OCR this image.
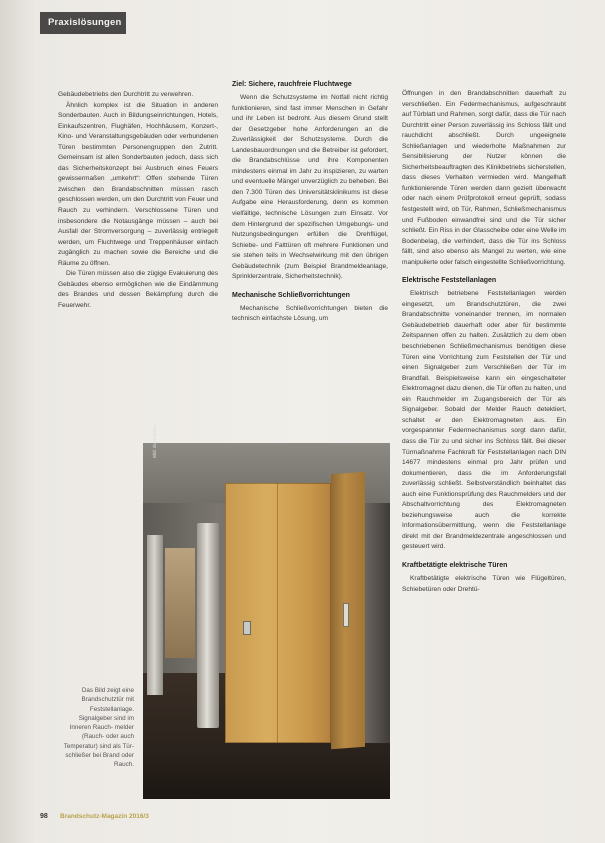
Praxislösungen

Gebäudebetriebs den Durchtritt zu verwehren.

Ähnlich komplex ist die Situation in anderen Sonderbauten. Auch in Bildungseinrichtungen, Hotels, Einkaufszentren, Flughäfen, Hochhäusern, Konzert-, Kino- und Veranstaltungsgebäuden oder verbundenen Türen bestimmten Personengruppen den Zutritt. Gemeinsam ist allen Sonderbauten jedoch, dass sich das Sicherheitskonzept bei Ausbruch eines Feuers gewissermaßen „umkehrt“: Offen stehende Türen zwischen den Brandabschnitten müssen rasch geschlossen werden, um den Durchtritt von Feuer und Rauch zu verhindern. Verschlossene Türen und insbesondere die Notausgänge müssen – auch bei Ausfall der Stromversorgung – zuverlässig entriegelt werden, um Fluchtwege und Treppenhäuser einfach zugänglich zu machen sowie die Bereiche und die Räume zu öffnen.

Die Türen müssen also die zügige Evakuierung des Gebäudes ebenso ermöglichen wie die Eindämmung des Brandes und dessen Bekämpfung durch die Feuerwehr.

Ziel: Sichere, rauchfreie Fluchtwege

Wenn die Schutzsysteme im Notfall nicht richtig funktionieren, sind fast immer Menschen in Gefahr und ihr Leben ist bedroht. Aus diesem Grund stellt der Gesetzgeber hohe Anforderungen an die Zuverlässigkeit der Schutzsysteme. Durch die Landesbauordnungen und die Betreiber ist gefordert, die Brandabschlüsse und ihre Komponenten mindestens einmal im Jahr zu inspizieren, zu warten und eventuelle Mängel unverzüglich zu beheben. Bei den 7.300 Türen des Universitätsklinikums ist diese Aufgabe eine Herausforderung, denn es kommen vielfältige, technische Lösungen zum Einsatz. Vor dem Hintergrund der spezifischen Umgebungs- und Nutzungsbedingungen erfüllen die Drehflügel, Schiebe- und Falttüren oft mehrere Funktionen und sie stehen teils in Wechselwirkung mit den übrigen Gebäudetechnik (zum Beispiel Brandmeldeanlage, Sprinklerzentrale, Sicherheitstechnik).

Mechanische Schließvorrichtungen

Mechanische Schließvorrichtungen bieten die technisch einfachste Lösung, um

Öffnungen in den Brandabschnitten dauerhaft zu verschließen. Ein Federmechanismus, aufgeschraubt auf Türblatt und Rahmen, sorgt dafür, dass die Tür nach Durchtritt einer Person zuverlässig ins Schloss fällt und rauchdicht abschließt. Durch ungeeignete Schließanlagen und wiederholte Maßnahmen zur Sensibilisierung der Nutzer können die Sicherheitsbeauftragten des Klinikbetriebs sicherstellen, dass dieses Verhalten vermieden wird. Mangelhaft funktionierende Türen werden dann gezielt überwacht oder nach einem Prüfprotokoll erneut geprüft, sodass festgestellt wird, ob Tür, Rahmen, Schließmechanismus und Fußboden einwandfrei sind und die Tür sicher schließt. Ein Riss in der Glasscheibe oder eine Welle im Bodenbelag, die verhindert, dass die Tür ins Schloss fällt, sind also ebenso als Mangel zu werten, wie eine manipulierte oder falsch eingestellte Schließvorrichtung.

Elektrische Feststellanlagen

Elektrisch betriebene Feststellanlagen werden eingesetzt, um Brandschutztüren, die zwei Brandabschnitte voneinander trennen, im normalen Gebäudebetrieb dauerhaft oder aber für bestimmte Zeitspannen offen zu halten. Zusätzlich zu dem oben beschriebenen Schließmechanismus benötigen diese Türen eine Vorrichtung zum Feststellen der Tür und einen Signalgeber zum Verschließen der Tür im Brandfall. Beispielsweise kann ein eingeschalteter Elektromagnet dazu dienen, die Tür offen zu halten, und ein Rauchmelder im Zugangsbereich der Tür als Signalgeber. Sobald der Melder Rauch detektiert, schaltet er den Elektromagneten aus. Ein vorgespannter Federmechanismus sorgt dann dafür, dass die Tür zu und sicher ins Schloss fällt. Bei dieser Türmaßnahme Fachkraft für Feststellanlagen nach DIN 14677 mindestens einmal pro Jahr prüfen und dokumentieren, dass die im Anforderungsfall zuverlässig schließt. Selbstverständlich beinhaltet das auch eine Funktionsprüfung des Rauchmelders und der Abschaltvorrichtung des Elektromagneten beziehungsweise auch die korrekte Informationsübermittlung, wenn die Feststellanlage direkt mit der Brandmeldezentrale angeschlossen und gesteuert wird.

Kraftbetätigte elektrische Türen

Kraftbetätigte elektrische Türen wie Flügeltüren, Schiebetüren oder Drehtü-

Bild: dormakaba
Das Bild zeigt eine Brandschutztür mit Feststellanlage. Signalgeber sind im Inneren Rauch- melder (Rauch- oder auch Temperatur) sind als Tür- schließer bei Brand oder Rauch.
98 Brandschutz-Magazin 2016/3
